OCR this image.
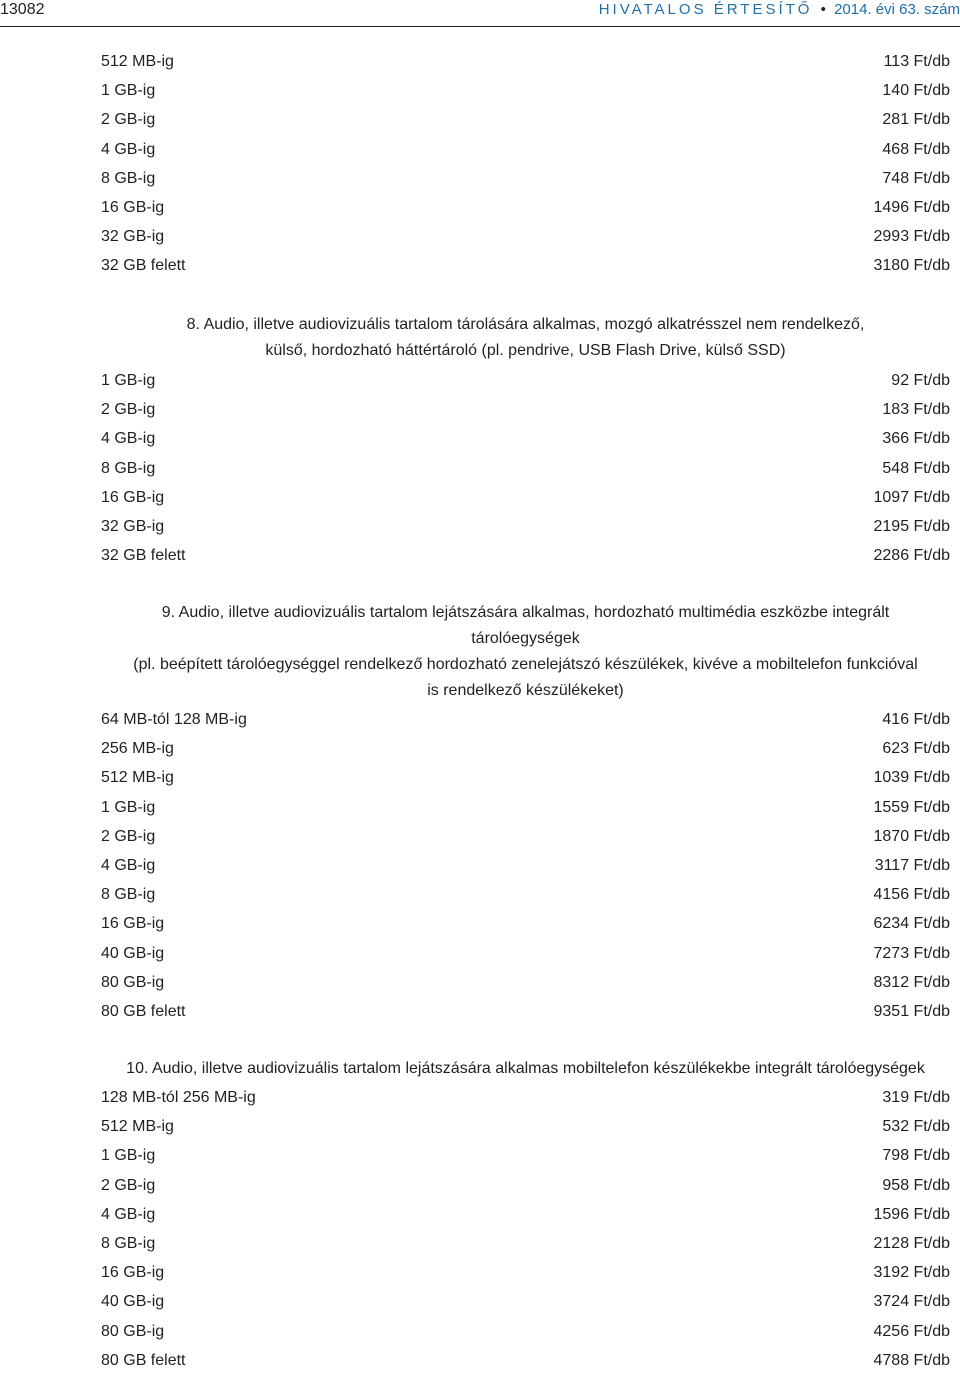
13082	HIVATALOS ÉRTESÍTŐ • 2014. évi 63. szám
512 MB-ig	113 Ft/db
1 GB-ig	140 Ft/db
2 GB-ig	281 Ft/db
4 GB-ig	468 Ft/db
8 GB-ig	748 Ft/db
16 GB-ig	1496 Ft/db
32 GB-ig	2993 Ft/db
32 GB felett	3180 Ft/db

8. Audio, illetve audiovizuális tartalom tárolására alkalmas, mozgó alkatrésszel nem rendelkező,

külső, hordozható háttértároló (pl. pendrive, USB Flash Drive, külső SSD)

1 GB-ig	92 Ft/db
2 GB-ig	183 Ft/db
4 GB-ig	366 Ft/db
8 GB-ig	548 Ft/db
16 GB-ig	1097 Ft/db
32 GB-ig	2195 Ft/db
32 GB felett	2286 Ft/db

9. Audio, illetve audiovizuális tartalom lejátszására alkalmas, hordozható multimédia eszközbe integrált

tárolóegységek

(pl. beépített tárolóegységgel rendelkező hordozható zenelejátszó készülékek, kivéve a mobiltelefon funkcióval

is rendelkező készülékeket)

64 MB-tól 128 MB-ig	416 Ft/db
256 MB-ig	623 Ft/db
512 MB-ig	1039 Ft/db
1 GB-ig	1559 Ft/db
2 GB-ig	1870 Ft/db
4 GB-ig	3117 Ft/db
8 GB-ig	4156 Ft/db
16 GB-ig	6234 Ft/db
40 GB-ig	7273 Ft/db
80 GB-ig	8312 Ft/db
80 GB felett	9351 Ft/db

10. Audio, illetve audiovizuális tartalom lejátszására alkalmas mobiltelefon készülékekbe integrált tárolóegységek

128 MB-tól 256 MB-ig	319 Ft/db
512 MB-ig	532 Ft/db
1 GB-ig	798 Ft/db
2 GB-ig	958 Ft/db
4 GB-ig	1596 Ft/db
8 GB-ig	2128 Ft/db
16 GB-ig	3192 Ft/db
40 GB-ig	3724 Ft/db
80 GB-ig	4256 Ft/db
80 GB felett	4788 Ft/db
